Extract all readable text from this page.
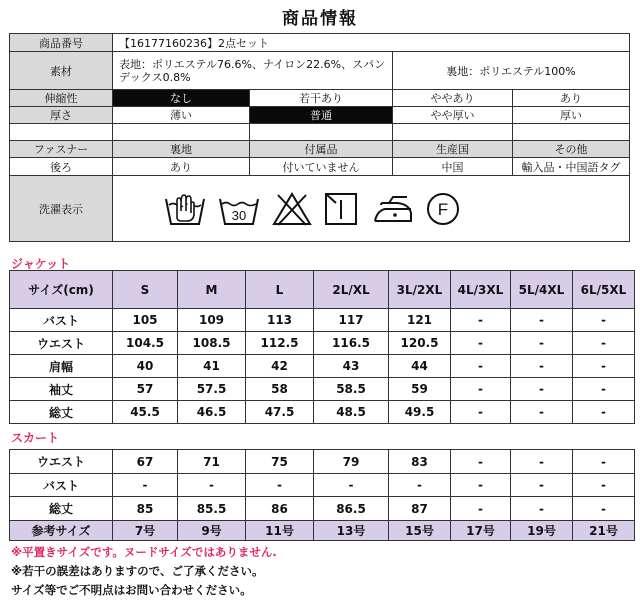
商品情報
商品番号	【16177160236】2点セット			
素材	表地：ポリエステル76.6%、ナイロン22.6%、スパンデックス0.8%		裏地：ポリエステル100%	
伸縮性	なし	若干あり	ややあり	あり
厚さ	薄い	普通	やや厚い	厚い

ファスナー	裏地	付属品	生産国	その他
後ろ	あり	付いていません	中国	輸入品・中国語タグ
洗濯表示	30 F			
ジャケット
サイズ(cm)	S	M	L	2L/XL	3L/2XL	4L/3XL	5L/4XL	6L/5XL
バスト	105	109	113	117	121	-	-	-
ウエスト	104.5	108.5	112.5	116.5	120.5	-	-	-
肩幅	40	41	42	43	44	-	-	-
袖丈	57	57.5	58	58.5	59	-	-	-
総丈	45.5	46.5	47.5	48.5	49.5	-	-	-
スカート
ウエスト	67	71	75	79	83	-	-	-
バスト	-	-	-	-	-	-	-	-
総丈	85	85.5	86	86.5	87	-	-	-
参考サイズ	7号	9号	11号	13号	15号	17号	19号	21号
※平置きサイズです。ヌードサイズではありません.
※若干の誤差はありますので、ご了承ください。
サイズ等でご不明点はお問い合わせください。
